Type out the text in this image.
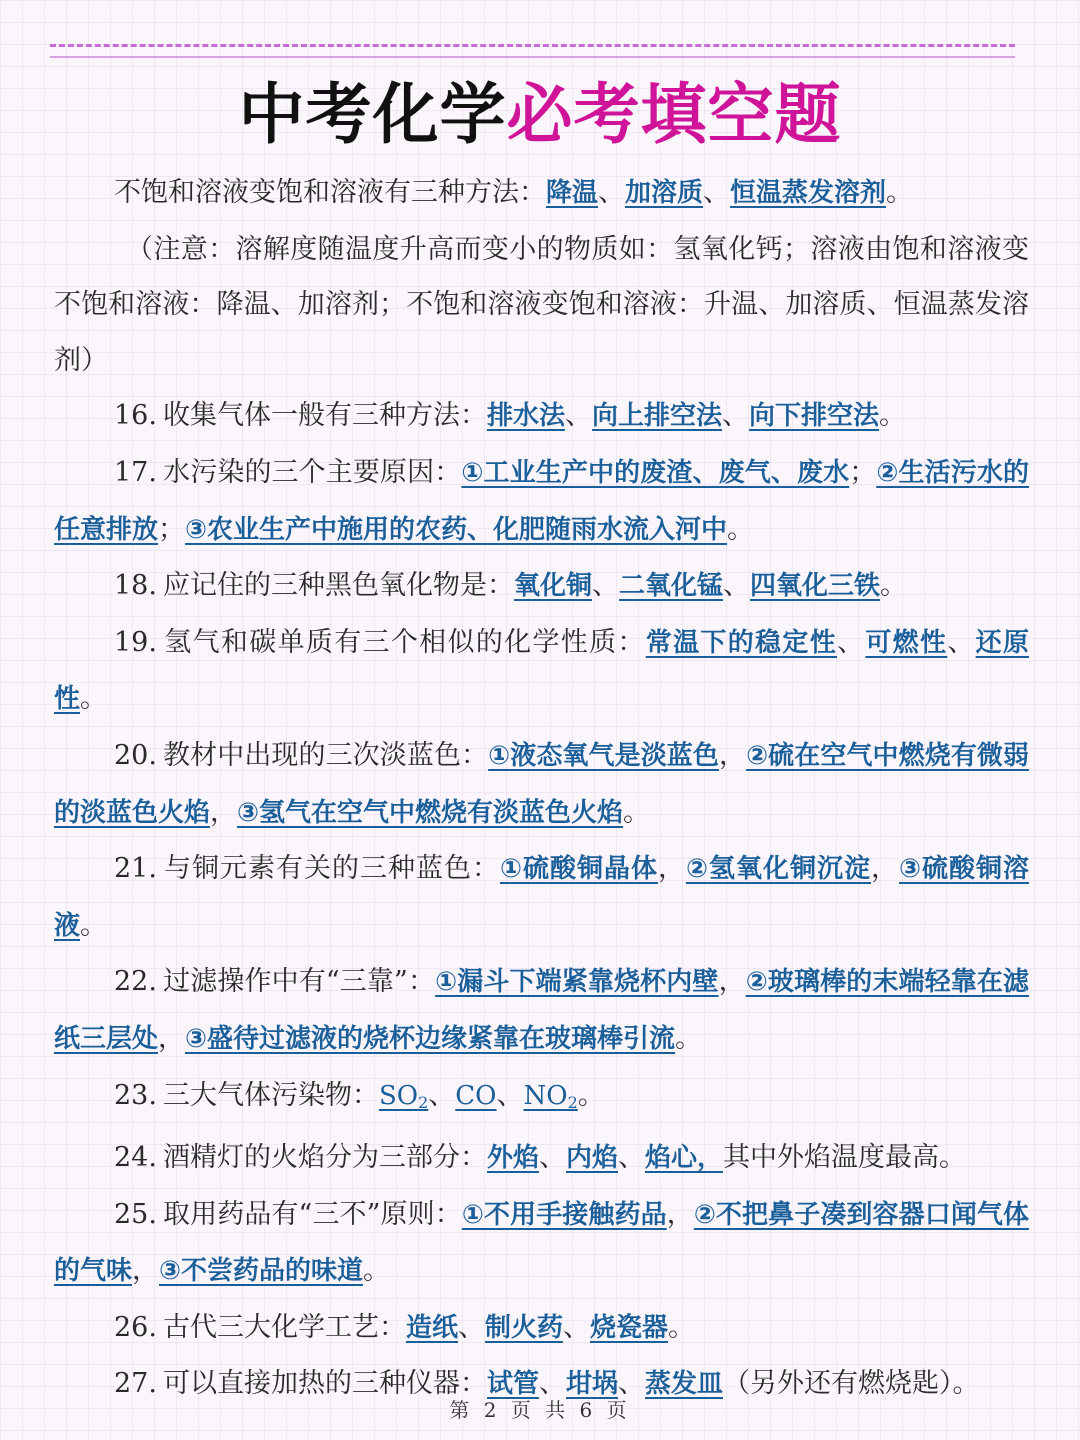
中考化学必考填空题

不饱和溶液变饱和溶液有三种方法：降温、加溶质、恒温蒸发溶剂。

（注意：溶解度随温度升高而变小的物质如：氢氧化钙；溶液由饱和溶液变不饱和溶液：降温、加溶剂；不饱和溶液变饱和溶液：升温、加溶质、恒温蒸发溶剂）

16. 收集气体一般有三种方法：排水法、向上排空法、向下排空法。

17. 水污染的三个主要原因：①工业生产中的废渣、废气、废水；②生活污水的任意排放；③农业生产中施用的农药、化肥随雨水流入河中。

18. 应记住的三种黑色氧化物是：氧化铜、二氧化锰、四氧化三铁。

19. 氢气和碳单质有三个相似的化学性质：常温下的稳定性、可燃性、还原性。

20. 教材中出现的三次淡蓝色：①液态氧气是淡蓝色，②硫在空气中燃烧有微弱的淡蓝色火焰，③氢气在空气中燃烧有淡蓝色火焰。

21. 与铜元素有关的三种蓝色：①硫酸铜晶体，②氢氧化铜沉淀，③硫酸铜溶液。

22. 过滤操作中有“三靠”：①漏斗下端紧靠烧杯内壁，②玻璃棒的末端轻靠在滤纸三层处，③盛待过滤液的烧杯边缘紧靠在玻璃棒引流。

23. 三大气体污染物：$SO_2$、CO、$NO_2$。

24. 酒精灯的火焰分为三部分：外焰、内焰、焰心，其中外焰温度最高。

25. 取用药品有“三不”原则：①不用手接触药品，②不把鼻子凑到容器口闻气体的气味，③不尝药品的味道。

26. 古代三大化学工艺：造纸、制火药、烧瓷器。

27. 可以直接加热的三种仪器：试管、坩埚、蒸发皿（另外还有燃烧匙）。

第 2 页 共 6 页
